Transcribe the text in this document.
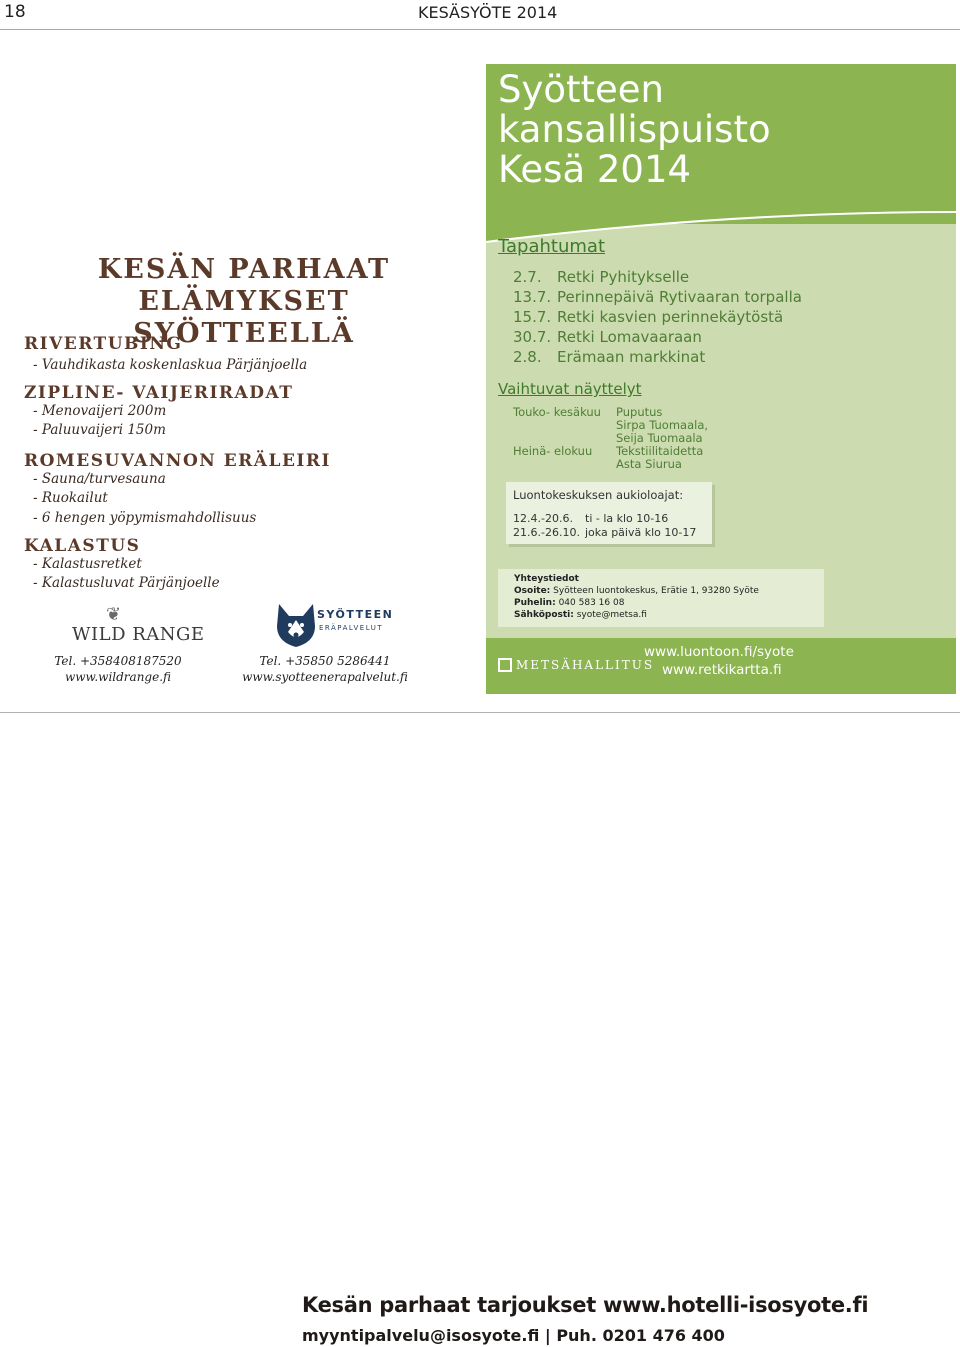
18	KESÄSYÖTE 2014
KESÄN PARHAAT
ELÄMYKSET SYÖTTEELLÄ
RIVERTUBING
- Vauhdikasta koskenlaskua Pärjänjoella
ZIPLINE- VAIJERIRADAT
- Menovaijeri 200m
- Paluuvaijeri 150m
ROMESUVANNON ERÄLEIRI
- Sauna/turvesauna
- Ruokailut
- 6 hengen yöpymismahdollisuus
KALASTUS
- Kalastusretket
- Kalastusluvat Pärjänjoelle
❦
WILD RANGE
SYÖTTEEN
ERÄPALVELUT
Tel. +358408187520
www.wildrange.fi
Tel. +35850 5286441
www.syotteenerapalvelut.fi
Syötteen
kansallispuisto
Kesä 2014
Tapahtumat
2.7. Retki Pyhitykselle
13.7. Perinnepäivä Rytivaaran torpalla
15.7. Retki kasvien perinnekäytöstä
30.7. Retki Lomavaaraan
2.8. Erämaan markkinat
Vaihtuvat näyttelyt
Touko- kesäkuu Puputus
Sirpa Tuomaala,
Seija Tuomaala
Heinä- elokuu Tekstiilitaidetta
Asta Siurua
Luontokeskuksen aukioloajat:
12.4.-20.6. ti - la klo 10-16
21.6.-26.10. joka päivä klo 10-17
Yhteystiedot
Osoite: Syötteen luontokeskus, Erätie 1, 93280 Syöte
Puhelin: 040 583 16 08
Sähköposti: syote@metsa.fi
METSÄHALLITUS
www.luontoon.fi/syote
www.retkikartta.fi
Kesän parhaat tarjoukset www.hotelli-isosyote.fi
myyntipalvelu@isosyote.fi | Puh. 0201 476 400
